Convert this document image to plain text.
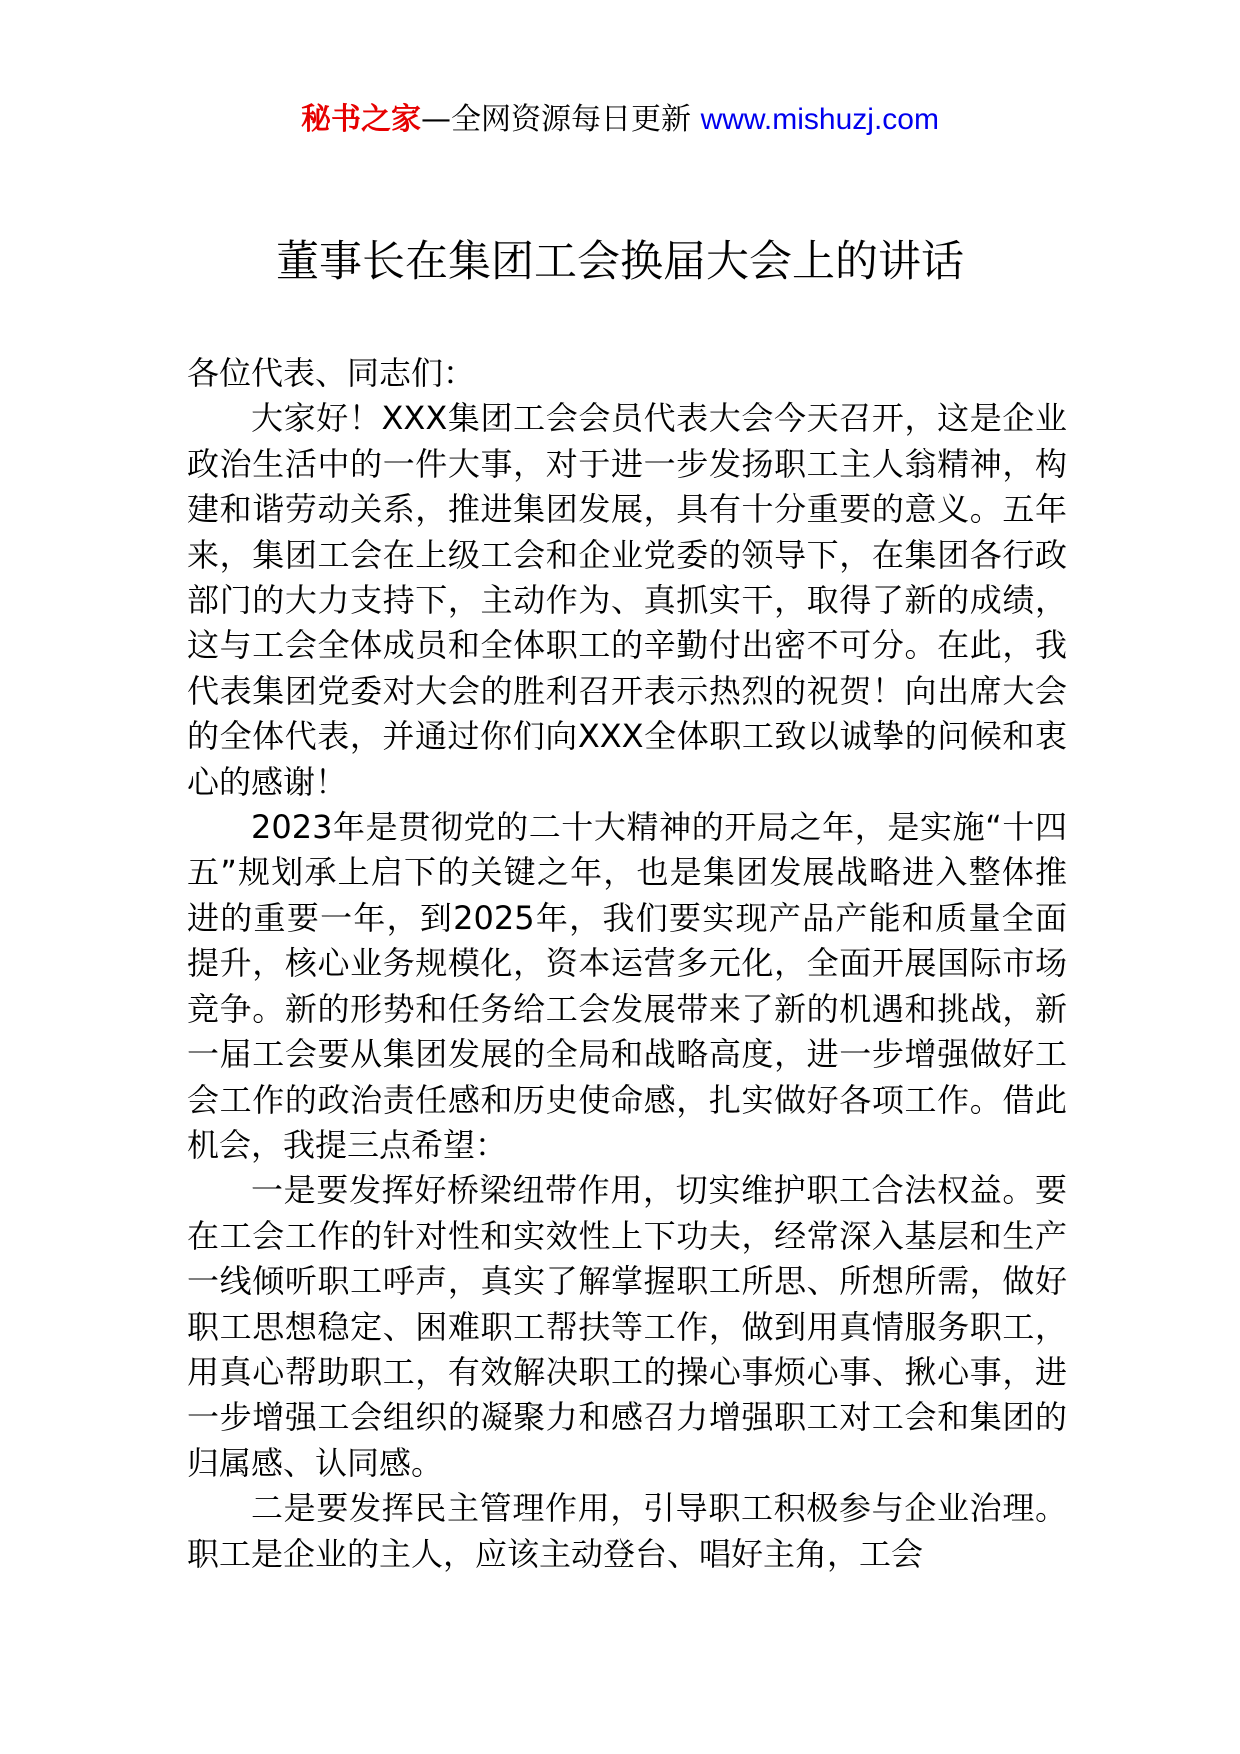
秘书之家—全网资源每日更新 www.mishuzj.com
董事长在集团工会换届大会上的讲话

各位代表、同志们：

大家好！XXX集团工会会员代表大会今天召开，这是企业政治生活中的一件大事，对于进一步发扬职工主人翁精神，构建和谐劳动关系，推进集团发展，具有十分重要的意义。五年来，集团工会在上级工会和企业党委的领导下，在集团各行政部门的大力支持下，主动作为、真抓实干，取得了新的成绩，这与工会全体成员和全体职工的辛勤付出密不可分。在此，我代表集团党委对大会的胜利召开表示热烈的祝贺！向出席大会的全体代表，并通过你们向XXX全体职工致以诚挚的问候和衷心的感谢！

2023年是贯彻党的二十大精神的开局之年，是实施“十四五”规划承上启下的关键之年，也是集团发展战略进入整体推进的重要一年，到2025年，我们要实现产品产能和质量全面提升，核心业务规模化，资本运营多元化，全面开展国际市场竞争。新的形势和任务给工会发展带来了新的机遇和挑战，新一届工会要从集团发展的全局和战略高度，进一步增强做好工会工作的政治责任感和历史使命感，扎实做好各项工作。借此机会，我提三点希望：

一是要发挥好桥梁纽带作用，切实维护职工合法权益。要在工会工作的针对性和实效性上下功夫，经常深入基层和生产一线倾听职工呼声，真实了解掌握职工所思、所想所需，做好职工思想稳定、困难职工帮扶等工作，做到用真情服务职工，用真心帮助职工，有效解决职工的操心事烦心事、揪心事，进一步增强工会组织的凝聚力和感召力增强职工对工会和集团的归属感、认同感。

二是要发挥民主管理作用，引导职工积极参与企业治理。职工是企业的主人，应该主动登台、唱好主角，工会
